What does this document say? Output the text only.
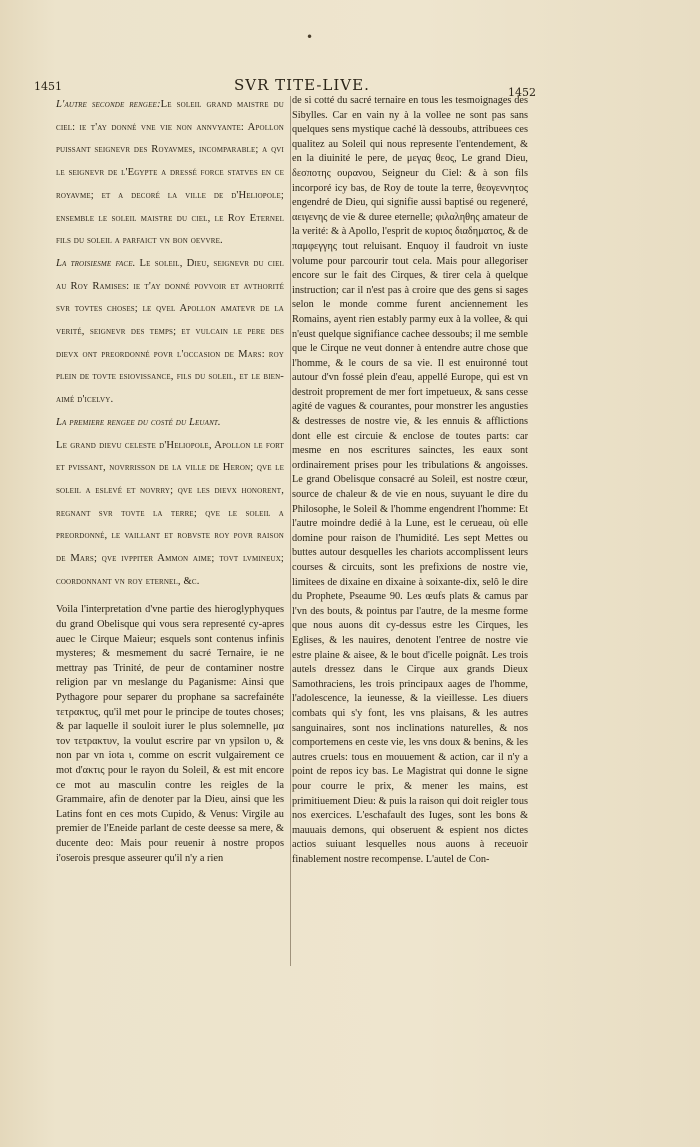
•
1451	SVR TITE-LIVE.	1452

L'autre seconde rengee:Le soleil grand maistre du ciel: ie t'ay donné vne vie non annvyante: Apollon puissant seignevr des Royavmes, incomparable; a qvi le seignevr de l'Egypte a dressé force statves en ce royavme; et a decoré la ville de d'Heliopole; ensemble le soleil maistre du ciel, le Roy Eternel fils du soleil a parfaict vn bon oevvre.

La troisiesme face. Le soleil, Dieu, seignevr du ciel au Roy Ramises: ie t'ay donné povvoir et avthorité svr tovtes choses; le qvel Apollon amatevr de la verité, seignevr des temps; et vulcain le pere des dievx ont preordonné povr l'occasion de Mars: roy plein de tovte esiovissance, fils du soleil, et le bien-aimé d'icelvy.

La premiere rengee du costé du Leuant.
Le grand dievu celeste d'Heliopole, Apollon le fort et pvissant, novrrisson de la ville de Heron; qve le soleil a eslevé et novrry; qve les dievx honorent, regnant svr tovte la terre; qve le soleil a preordonné, le vaillant et robvste roy povr raison de Mars; qve ivppiter Ammon aime; tovt lvmineux; coordonnant vn roy eternel, &c.

Voila l'interpretation d'vne partie des hieroglyphyques du grand Obelisque qui vous sera representé cy-apres auec le Cirque Maieur; esquels sont contenus infinis mysteres; & mesmement du sacré Ternaire, ie ne mettray pas Trinité, de peur de contaminer nostre religion par vn meslange du Paganisme: Ainsi que Pythagore pour separer du prophane sa sacrefainéte τετρακτυς, qu'il met pour le principe de toutes choses; & par laquelle il souloit iurer le plus solemnelle, μα τον τετρακτυν, la voulut escrire par vn ypsilon υ, & non par vn iota ι, comme on escrit vulgairement ce mot d'ακτις pour le rayon du Soleil, & est mit encore ce mot au masculin contre les reigles de la Grammaire, afin de denoter par la Dieu, ainsi que les Latins font en ces mots Cupido, & Venus: Virgile au premier de l'Eneide parlant de ceste deesse sa mere, & ducente deo: Mais pour reuenir à nostre propos i'oserois presque asseurer qu'il n'y a rien

de si cotté du sacré ternaire en tous les tesmoignages des Sibylles. Car en vain ny à la vollee ne sont pas sans quelques sens mystique caché là dessoubs, attribuees ces qualitez au Soleil qui nous represente l'entendement, & en la diuinité le pere, de μεγας θεος, Le grand Dieu, δεσποτης ουρανου, Seigneur du Ciel: & à son fils incorporé icy bas, de Roy de toute la terre, θεογεννητος engendré de Dieu, qui signifie aussi baptisé ou regeneré, αειγενης de vie & duree eternelle; φιλαληθης amateur de la verité: & à Apollo, l'esprit de κυριος διαδηματος, & de παμφεγγης tout reluisant. Enquoy il faudroit vn iuste volume pour parcourir tout cela. Mais pour allegoriser encore sur le fait des Cirques, & tirer cela à quelque instruction; car il n'est pas à croire que des gens si sages selon le monde comme furent anciennement les Romains, ayent rien estably parmy eux à la vollee, & qui n'eust quelque signifiance cachee dessoubs; il me semble que le Cirque ne veut donner à entendre autre chose que l'homme, & le cours de sa vie. Il est enuironné tout autour d'vn fossé plein d'eau, appellé Europe, qui est vn destroit proprement de mer fort impetueux, & sans cesse agité de vagues & courantes, pour monstrer les angusties & destresses de nostre vie, & les ennuis & afflictions dont elle est circuie & enclose de toutes parts: car mesme en nos escritures sainctes, les eaux sont ordinairement prises pour les tribulations & angoisses. Le grand Obelisque consacré au Soleil, est nostre cœur, source de chaleur & de vie en nous, suyuant le dire du Philosophe, le Soleil & l'homme engendrent l'homme: Et l'autre moindre dedié à la Lune, est le cerueau, où elle domine pour raison de l'humidité. Les sept Mettes ou buttes autour desquelles les chariots accomplissent leurs courses & circuits, sont les prefixions de nostre vie, limitees de dixaine en dixaine à soixante-dix, selô le dire du Prophete, Pseaume 90. Les œufs plats & camus par l'vn des bouts, & pointus par l'autre, de la mesme forme que nous auons dit cy-dessus estre les Cirques, les Eglises, & les nauires, denotent l'entree de nostre vie estre plaine & aisee, & le bout d'icelle poignât. Les trois autels dressez dans le Cirque aux grands Dieux Samothraciens, les trois principaux aages de l'homme, l'adolescence, la ieunesse, & la vieillesse. Les diuers combats qui s'y font, les vns plaisans, & les autres sanguinaires, sont nos inclinations naturelles, & nos comportemens en ceste vie, les vns doux & benins, & les autres cruels: tous en mouuement & action, car il n'y a point de repos icy bas. Le Magistrat qui donne le signe pour courre le prix, & mener les mains, est primitiuement Dieu: & puis la raison qui doit reigler tous nos exercices. L'eschafault des Iuges, sont les bons & mauuais demons, qui obseruent & espient nos dictes actios suiuant lesquelles nous auons à receuoir finablement nostre recompense. L'autel de Con-
